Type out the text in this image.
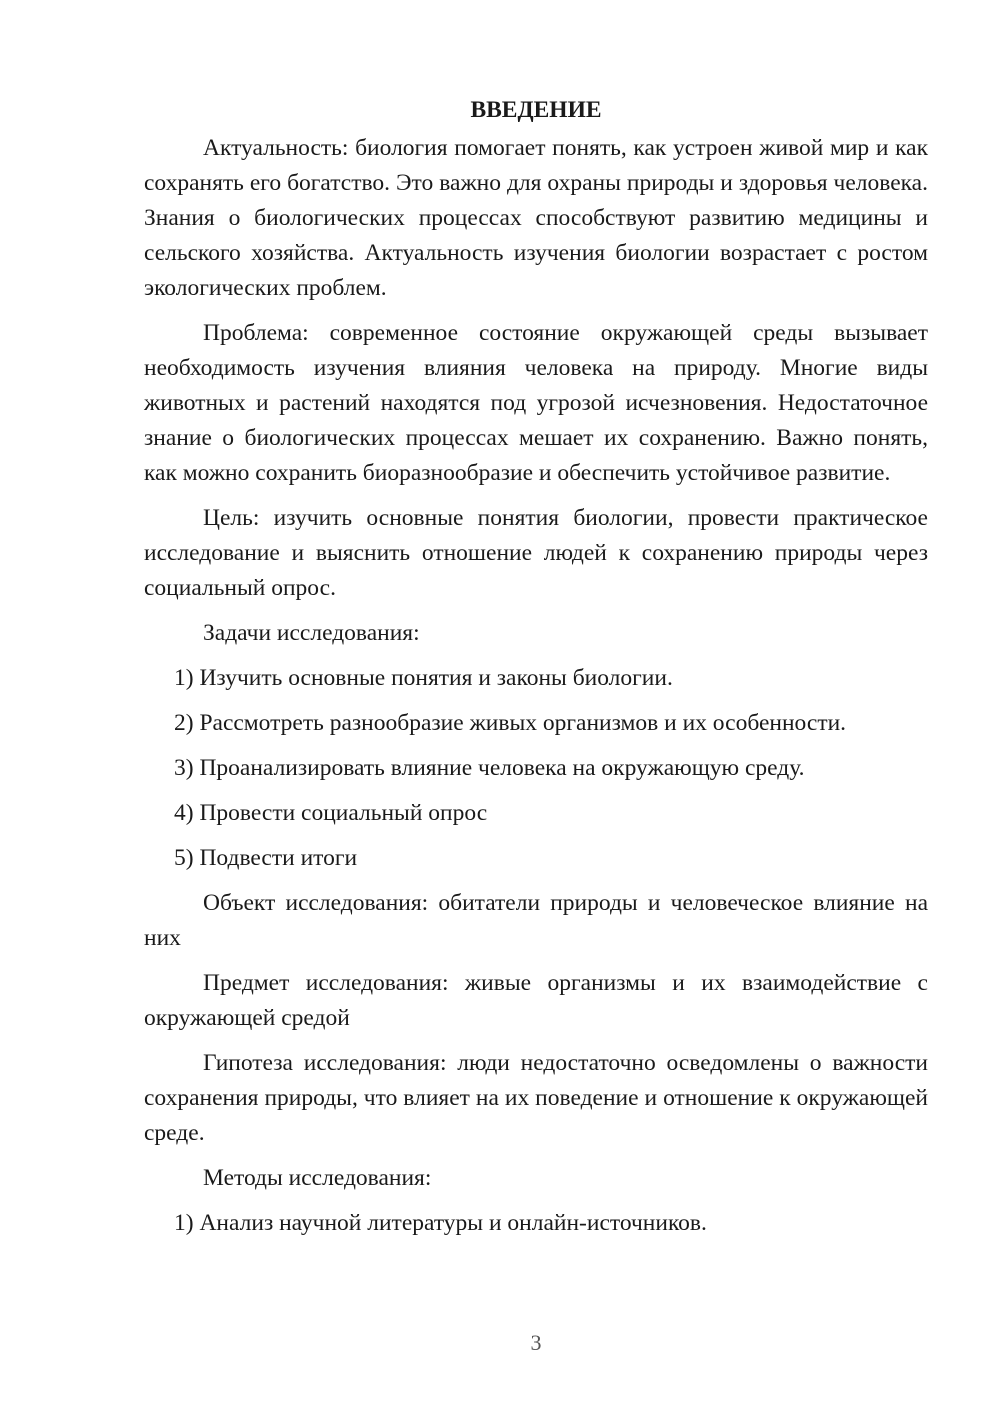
ВВЕДЕНИЕ

Актуальность: биология помогает понять, как устроен живой мир и как сохранять его богатство. Это важно для охраны природы и здоровья человека. Знания о биологических процессах способствуют развитию медицины и сельского хозяйства. Актуальность изучения биологии возрастает с ростом экологических проблем.

Проблема: современное состояние окружающей среды вызывает необходимость изучения влияния человека на природу. Многие виды животных и растений находятся под угрозой исчезновения. Недостаточное знание о биологических процессах мешает их сохранению. Важно понять, как можно сохранить биоразнообразие и обеспечить устойчивое развитие.

Цель: изучить основные понятия биологии, провести практическое исследование и выяснить отношение людей к сохранению природы через социальный опрос.

Задачи исследования:

1) Изучить основные понятия и законы биологии.

2) Рассмотреть разнообразие живых организмов и их особенности.

3) Проанализировать влияние человека на окружающую среду.

4) Провести социальный опрос

5) Подвести итоги

Объект исследования: обитатели природы и человеческое влияние на них

Предмет исследования: живые организмы и их взаимодействие с окружающей средой

Гипотеза исследования: люди недостаточно осведомлены о важности сохранения природы, что влияет на их поведение и отношение к окружающей среде.

Методы исследования:

1) Анализ научной литературы и онлайн-источников.

3
